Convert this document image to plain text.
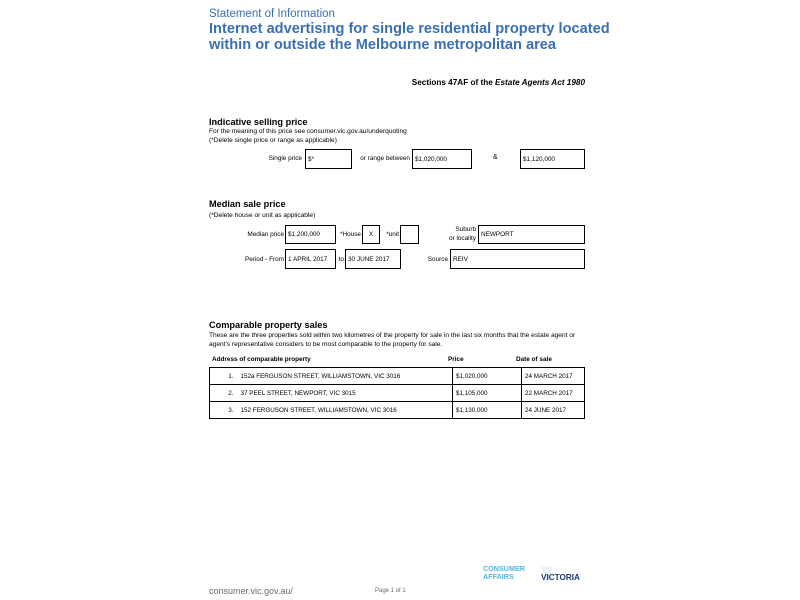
Statement of Information
Internet advertising for single residential property located within or outside the Melbourne metropolitan area
Sections 47AF of the Estate Agents Act 1980
Indicative selling price
For the meaning of this price see consumer.vic.gov.au/underquoting
(*Delete single price or range as applicable)
Single price $*	or range between $1,020,000	&	$1,120,000
Median sale price
(*Delete house or unit as applicable)
Median price $1,200,000	*House	X	*unit
Suburb
or locality NEWPORT
Period - From 1 APRIL 2017	to 30 JUNE 2017	Source REIV
Comparable property sales
These are the three properties sold within two kilometres of the property for sale in the last six months that the estate agent or agent's representative considers to be most comparable to the property for sale.
Address of comparable property	Price	Date of sale
1.	152a FERGUSON STREET, WILLIAMSTOWN, VIC 3016	$1,020,000	24 MARCH 2017
2.	37 PEEL STREET, NEWPORT, VIC 3015	$1,105,000	22 MARCH 2017
3.	152 FERGUSON STREET, WILLIAMSTOWN, VIC 3016	$1,130,000	24 JUNE 2017
consumer.vic.gov.au/	Page 1 of 1
CONSUMER
AFFAIRS	VICTORIA
